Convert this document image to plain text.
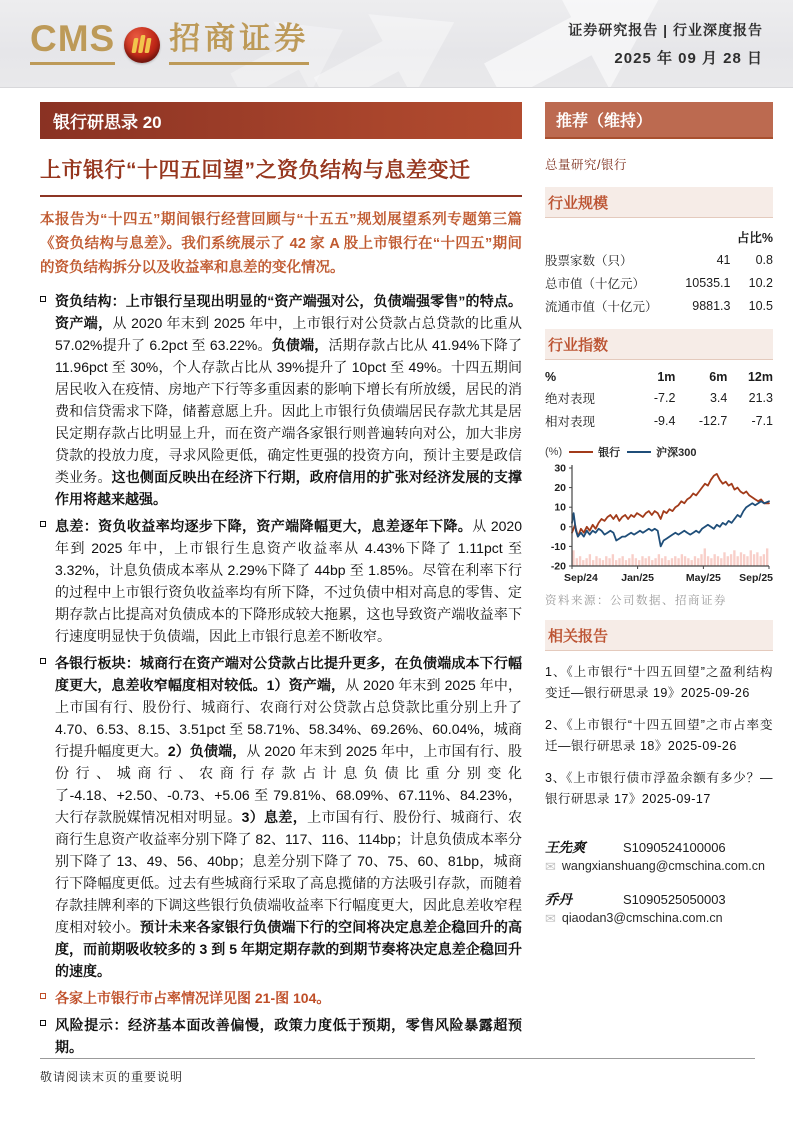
CMS 招商证券	证券研究报告 | 行业深度报告
2025 年 09 月 28 日
银行研思录 20
上市银行“十四五回望”之资负结构与息差变迁

本报告为“十四五”期间银行经营回顾与“十五五”规划展望系列专题第三篇《资负结构与息差》。我们系统展示了 42 家 A 股上市银行在“十四五”期间的资负结构拆分以及收益率和息差的变化情况。

资负结构：上市银行呈现出明显的“资产端强对公，负债端强零售”的特点。资产端，从 2020 年末到 2025 年中，上市银行对公贷款占总贷款的比重从57.02%提升了 6.2pct 至 63.22%。负债端，活期存款占比从 41.94%下降了11.96pct 至 30%，个人存款占比从 39%提升了 10pct 至 49%。十四五期间居民收入在疫情、房地产下行等多重因素的影响下增长有所放缓，居民的消费和信贷需求下降，储蓄意愿上升。因此上市银行负债端居民存款尤其是居民定期存款占比明显上升，而在资产端各家银行则普遍转向对公，加大非房贷款的投放力度，寻求风险更低，确定性更强的投资方向，预计主要是政信类业务。这也侧面反映出在经济下行期，政府信用的扩张对经济发展的支撑作用将越来越强。
息差：资负收益率均逐步下降，资产端降幅更大，息差逐年下降。从 2020 年到 2025 年中，上市银行生息资产收益率从 4.43%下降了 1.11pct 至 3.32%，计息负债成本率从 2.29%下降了 44bp 至 1.85%。尽管在利率下行的过程中上市银行资负收益率均有所下降，不过负债中相对高息的零售、定期存款占比提高对负债成本的下降形成较大拖累，这也导致资产端收益率下行速度明显快于负债端，因此上市银行息差不断收窄。
各银行板块：城商行在资产端对公贷款占比提升更多，在负债端成本下行幅度更大，息差收窄幅度相对较低。1）资产端，从 2020 年末到 2025 年中，上市国有行、股份行、城商行、农商行对公贷款占总贷款比重分别上升了 4.70、6.53、8.15、3.51pct 至 58.71%、58.34%、69.26%、60.04%，城商行提升幅度更大。2）负债端，从 2020 年末到 2025 年中，上市国有行、股份行、城商行、农商行存款占计息负债比重分别变化了-4.18、+2.50、-0.73、+5.06 至 79.81%、68.09%、67.11%、84.23%，大行存款脱媒情况相对明显。3）息差，上市国有行、股份行、城商行、农商行生息资产收益率分别下降了 82、117、116、114bp；计息负债成本率分别下降了 13、49、56、40bp；息差分别下降了 70、75、60、81bp，城商行下降幅度更低。过去有些城商行采取了高息揽储的方法吸引存款，而随着存款挂牌利率的下调这些银行负债端收益率下行幅度更大，因此息差收窄程度相对较小。预计未来各家银行负债端下行的空间将决定息差企稳回升的高度，而前期吸收较多的 3 到 5 年期定期存款的到期节奏将决定息差企稳回升的速度。
各家上市银行市占率情况详见图 21-图 104。
风险提示：经济基本面改善偏慢，政策力度低于预期，零售风险暴露超预期。
推荐（维持）
总量研究/银行
行业规模
		占比%
股票家数（只）	41	0.8
总市值（十亿元）	10535.1	10.2
流通市值（十亿元）	9881.3	10.5
行业指数
%	1m	6m	12m
绝对表现	-7.2	3.4	21.3
相对表现	-9.4	-12.7	-7.1
(%)	银行	沪深300
30
20
10
0
-10
-20
Sep/24 Jan/25	May/25 Sep/25
资料来源：公司数据、招商证券
相关报告
1、《上市银行“十四五回望”之盈利结构变迁—银行研思录 19》2025-09-26
2、《上市银行“十四五回望”之市占率变迁—银行研思录 18》2025-09-26
3、《上市银行债市浮盈余额有多少？—银行研思录 17》2025-09-17
王先爽	S1090524100006
✉ wangxianshuang@cmschina.com.cn
乔丹	S1090525050003
✉ qiaodan3@cmschina.com.cn
敬请阅读末页的重要说明
